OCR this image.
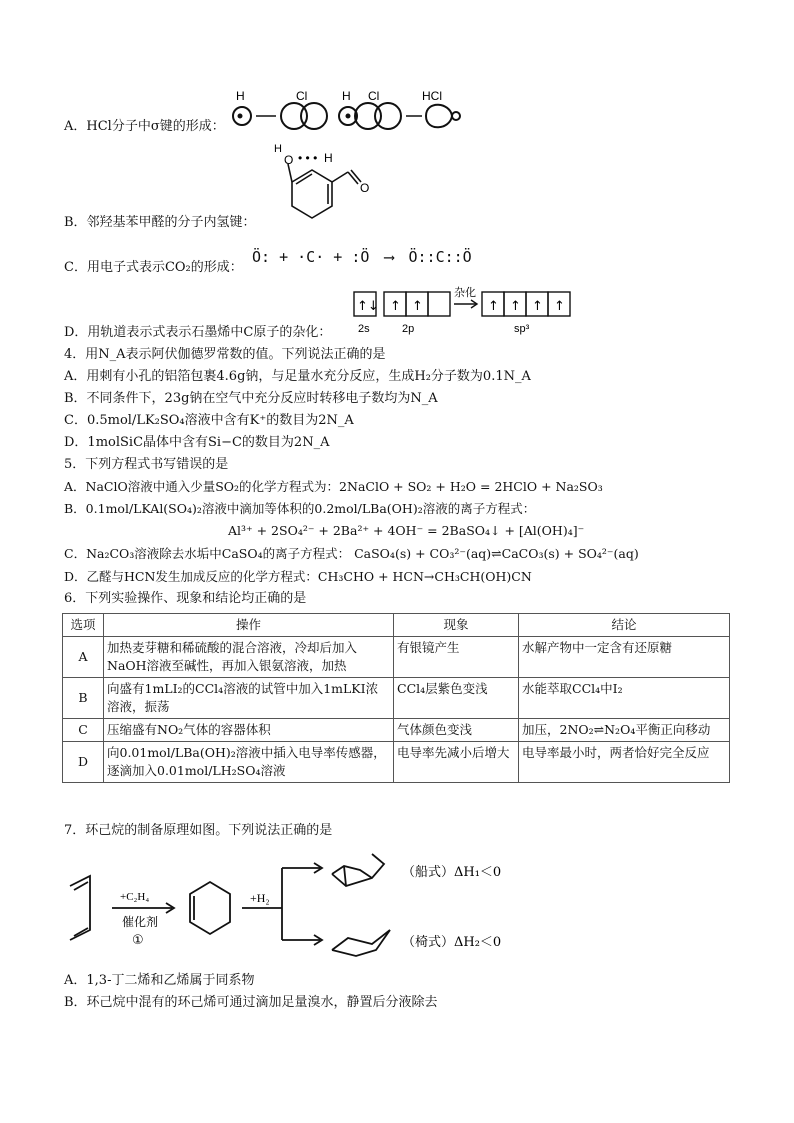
A．HCl分子中σ键的形成：
H	Cl	H Cl	HCl
H
O • • • H
O
B．邻羟基苯甲醛的分子内氢键：
C．用电子式表示CO₂的形成：
Ö: + ·C· + :Ö ⟶ Ö::C::Ö
D．用轨道表示式表示石墨烯中C原子的杂化：
↑↓ ↑ ↑	↑ ↑ ↑ ↑
2s	2p
杂化
sp³
4．用N_A表示阿伏伽德罗常数的值。下列说法正确的是
A．用刺有小孔的铝箔包裹4.6g钠，与足量水充分反应，生成H₂分子数为0.1N_A
B．不同条件下，23g钠在空气中充分反应时转移电子数均为N_A
C．0.5mol/LK₂SO₄溶液中含有K⁺的数目为2N_A
D．1molSiC晶体中含有Si−C的数目为2N_A
5．下列方程式书写错误的是
A．NaClO溶液中通入少量SO₂的化学方程式为：2NaClO + SO₂ + H₂O = 2HClO + Na₂SO₃
B．0.1mol/LKAl(SO₄)₂溶液中滴加等体积的0.2mol/LBa(OH)₂溶液的离子方程式：
Al³⁺ + 2SO₄²⁻ + 2Ba²⁺ + 4OH⁻ = 2BaSO₄↓ + [Al(OH)₄]⁻
C．Na₂CO₃溶液除去水垢中CaSO₄的离子方程式： CaSO₄(s) + CO₃²⁻(aq)⇌CaCO₃(s) + SO₄²⁻(aq)
D．乙醛与HCN发生加成反应的化学方程式：CH₃CHO + HCN→CH₃CH(OH)CN
6．下列实验操作、现象和结论均正确的是
选项	操作	现象	结论
A	加热麦芽糖和稀硫酸的混合溶液，冷却后加入NaOH溶液至碱性，再加入银氨溶液，加热	有银镜产生	水解产物中一定含有还原糖
B	向盛有1mLI₂的CCl₄溶液的试管中加入1mLKI浓溶液，振荡	CCl₄层紫色变浅	水能萃取CCl₄中I₂
C	压缩盛有NO₂气体的容器体积	气体颜色变浅	加压，2NO₂⇌N₂O₄平衡正向移动
D	向0.01mol/LBa(OH)₂溶液中插入电导率传感器，逐滴加入0.01mol/LH₂SO₄溶液	电导率先减小后增大	电导率最小时，两者恰好完全反应
7．环己烷的制备原理如图。下列说法正确的是
+C₂H₄
催化剂
①
+H₂
（船式）ΔH₁＜0
（椅式）ΔH₂＜0
A．1,3-丁二烯和乙烯属于同系物
B．环己烷中混有的环己烯可通过滴加足量溴水，静置后分液除去
